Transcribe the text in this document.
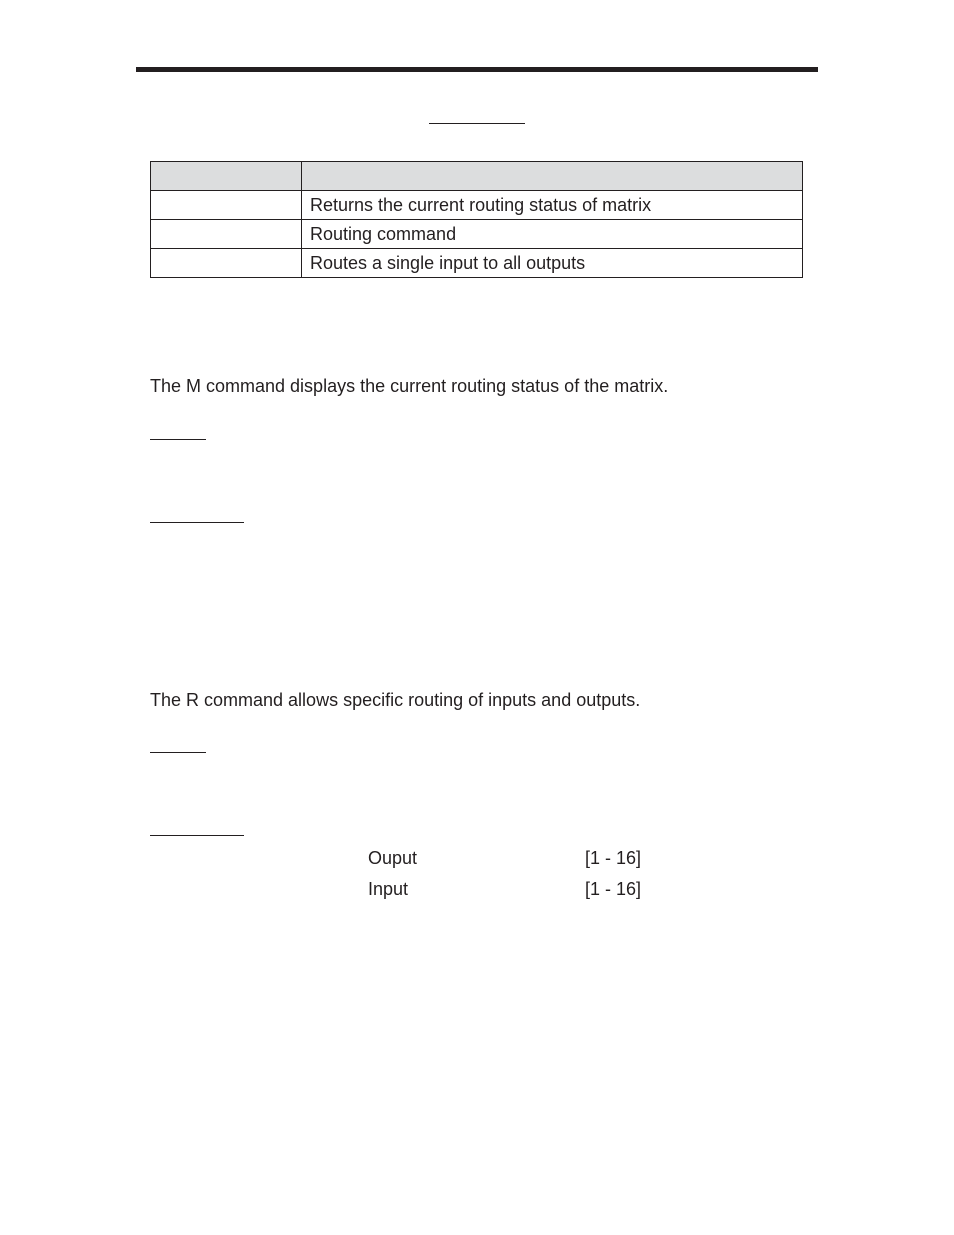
	Returns the current routing status of matrix
	Routing command
	Routes a single input to all outputs
The M command displays the current routing status of the matrix.
The R command allows specific routing of inputs and outputs.
Ouput	[1 - 16]
Input	[1 - 16]
